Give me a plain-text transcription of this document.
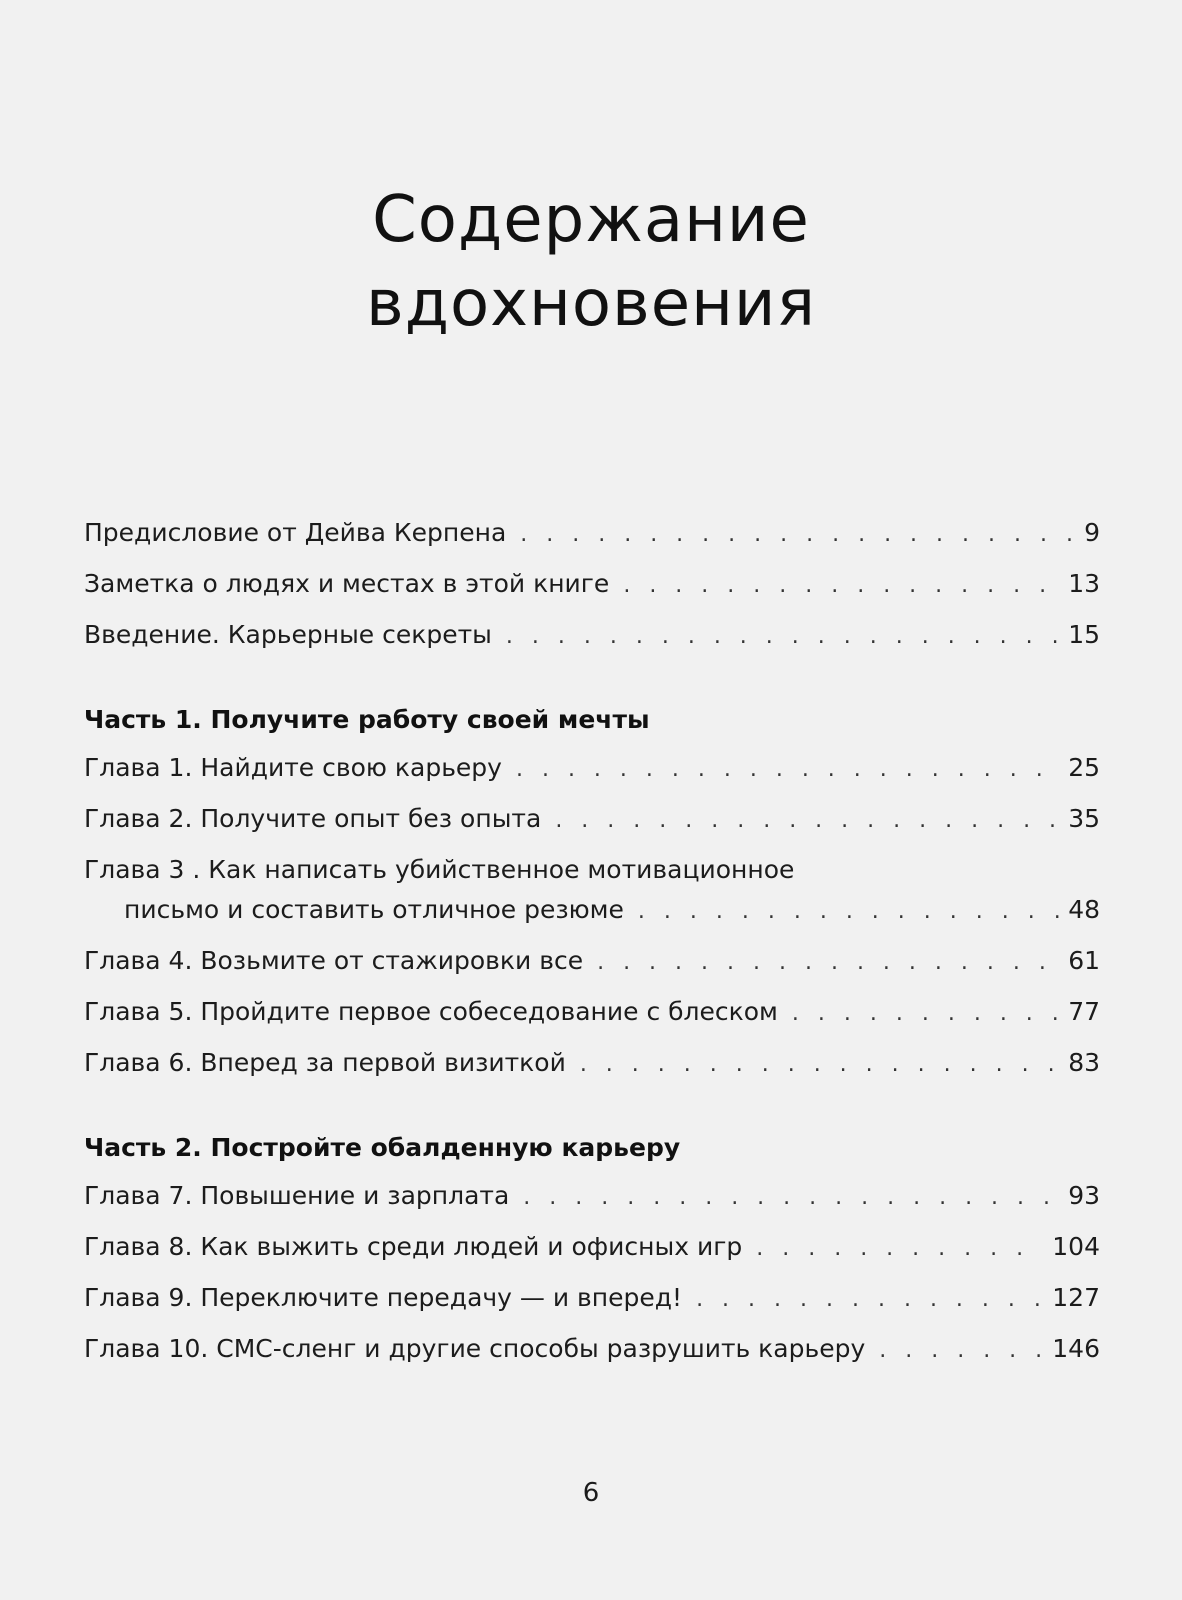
Содержание
вдохновения
Предисловие от Дейва Керпена . . .	9
Заметка о людях и местах в этой книге . . .	13
Введение. Карьерные секреты . . .	15
Часть 1. Получите работу своей мечты
Глава 1. Найдите свою карьеру . . .	25
Глава 2. Получите опыт без опыта . . .	35
Глава 3 . Как написать убийственное мотивационное
письмо и составить отличное резюме . . .	48
Глава 4. Возьмите от стажировки все . . .	61
Глава 5. Пройдите первое собеседование с блеском . . .	77
Глава 6. Вперед за первой визиткой . . .	83
Часть 2. Постройте обалденную карьеру
Глава 7. Повышение и зарплата . . .	93
Глава 8. Как выжить среди людей и офисных игр . . .	104
Глава 9. Переключите передачу — и вперед! . . .	127
Глава 10. СМС-сленг и другие способы разрушить карьеру . . .	146
6
